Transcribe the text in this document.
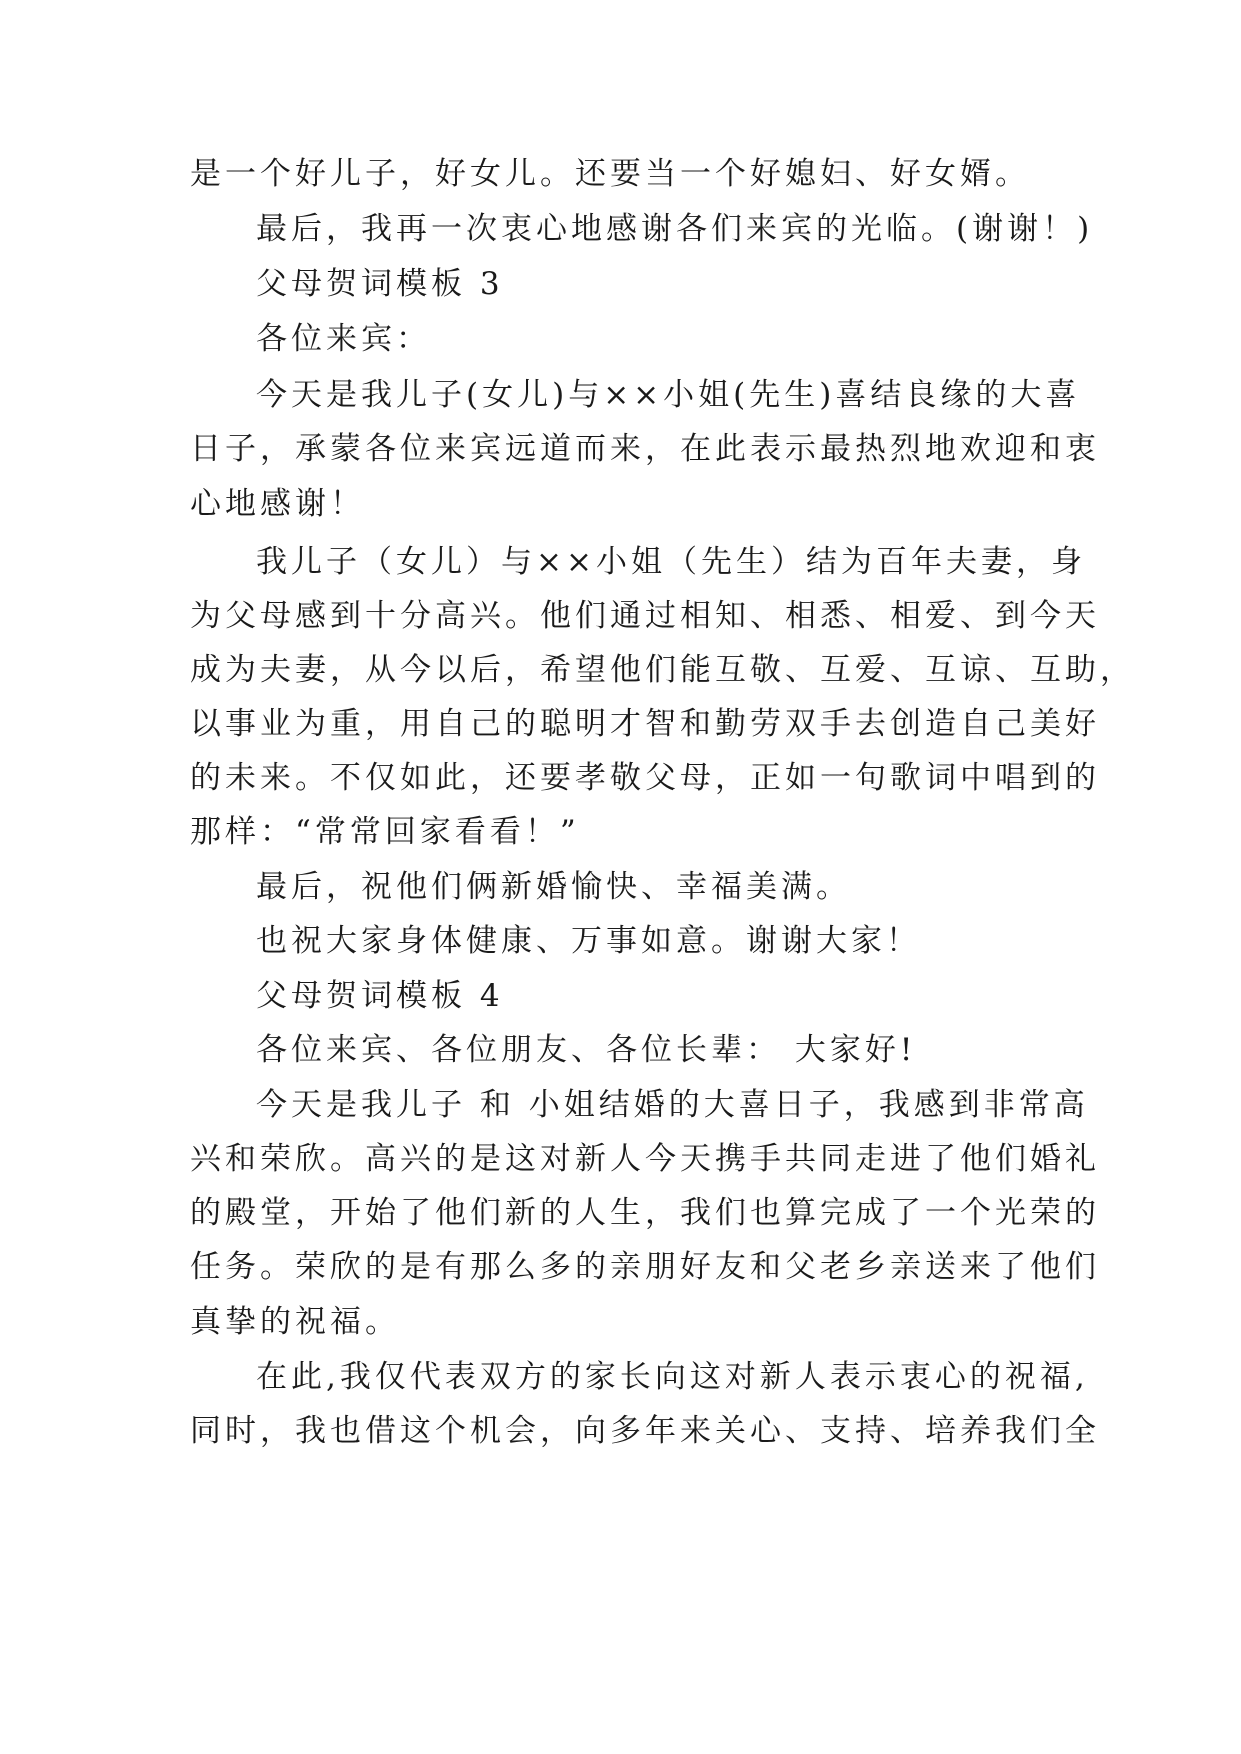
是一个好儿子，好女儿。还要当一个好媳妇、好女婿。
最后，我再一次衷心地感谢各们来宾的光临。(谢谢！)
父母贺词模板 3
各位来宾：
今天是我儿子(女儿)与××小姐(先生)喜结良缘的大喜
日子，承蒙各位来宾远道而来，在此表示最热烈地欢迎和衷
心地感谢！
我儿子（女儿）与××小姐（先生）结为百年夫妻，身
为父母感到十分高兴。他们通过相知、相悉、相爱、到今天
成为夫妻，从今以后，希望他们能互敬、互爱、互谅、互助，
以事业为重，用自己的聪明才智和勤劳双手去创造自己美好
的未来。不仅如此，还要孝敬父母，正如一句歌词中唱到的
那样：“常常回家看看！”
最后，祝他们俩新婚愉快、幸福美满。
也祝大家身体健康、万事如意。谢谢大家！
父母贺词模板 4
各位来宾、各位朋友、各位长辈： 大家好!
今天是我儿子 和 小姐结婚的大喜日子，我感到非常高
兴和荣欣。高兴的是这对新人今天携手共同走进了他们婚礼
的殿堂，开始了他们新的人生，我们也算完成了一个光荣的
任务。荣欣的是有那么多的亲朋好友和父老乡亲送来了他们
真挚的祝福。
在此,我仅代表双方的家长向这对新人表示衷心的祝福,
同时，我也借这个机会，向多年来关心、支持、培养我们全
